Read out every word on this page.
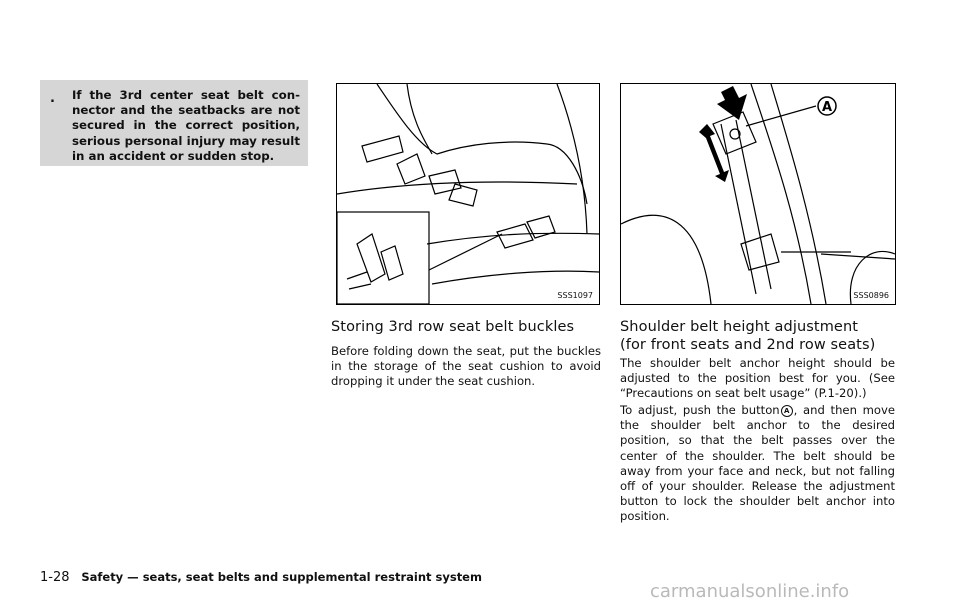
. If the 3rd center seat belt con-nector and the seatbacks are not secured in the correct position, serious personal injury may result in an accident or sudden stop.
SSS1097
A
SSS0896
Storing 3rd row seat belt buckles
Before folding down the seat, put the buckles in the storage of the seat cushion to avoid dropping it under the seat cushion.
Shoulder belt height adjustment
(for front seats and 2nd row seats)
The shoulder belt anchor height should be adjusted to the position best for you. (See “Precautions on seat belt usage” (P.1-20).)
To adjust, push the button A , and then move the shoulder belt anchor to the desired position, so that the belt passes over the center of the shoulder. The belt should be away from your face and neck, but not falling off of your shoulder. Release the adjustment button to lock the shoulder belt anchor into position.
1-28 Safety — seats, seat belts and supplemental restraint system
carmanualsonline.info
